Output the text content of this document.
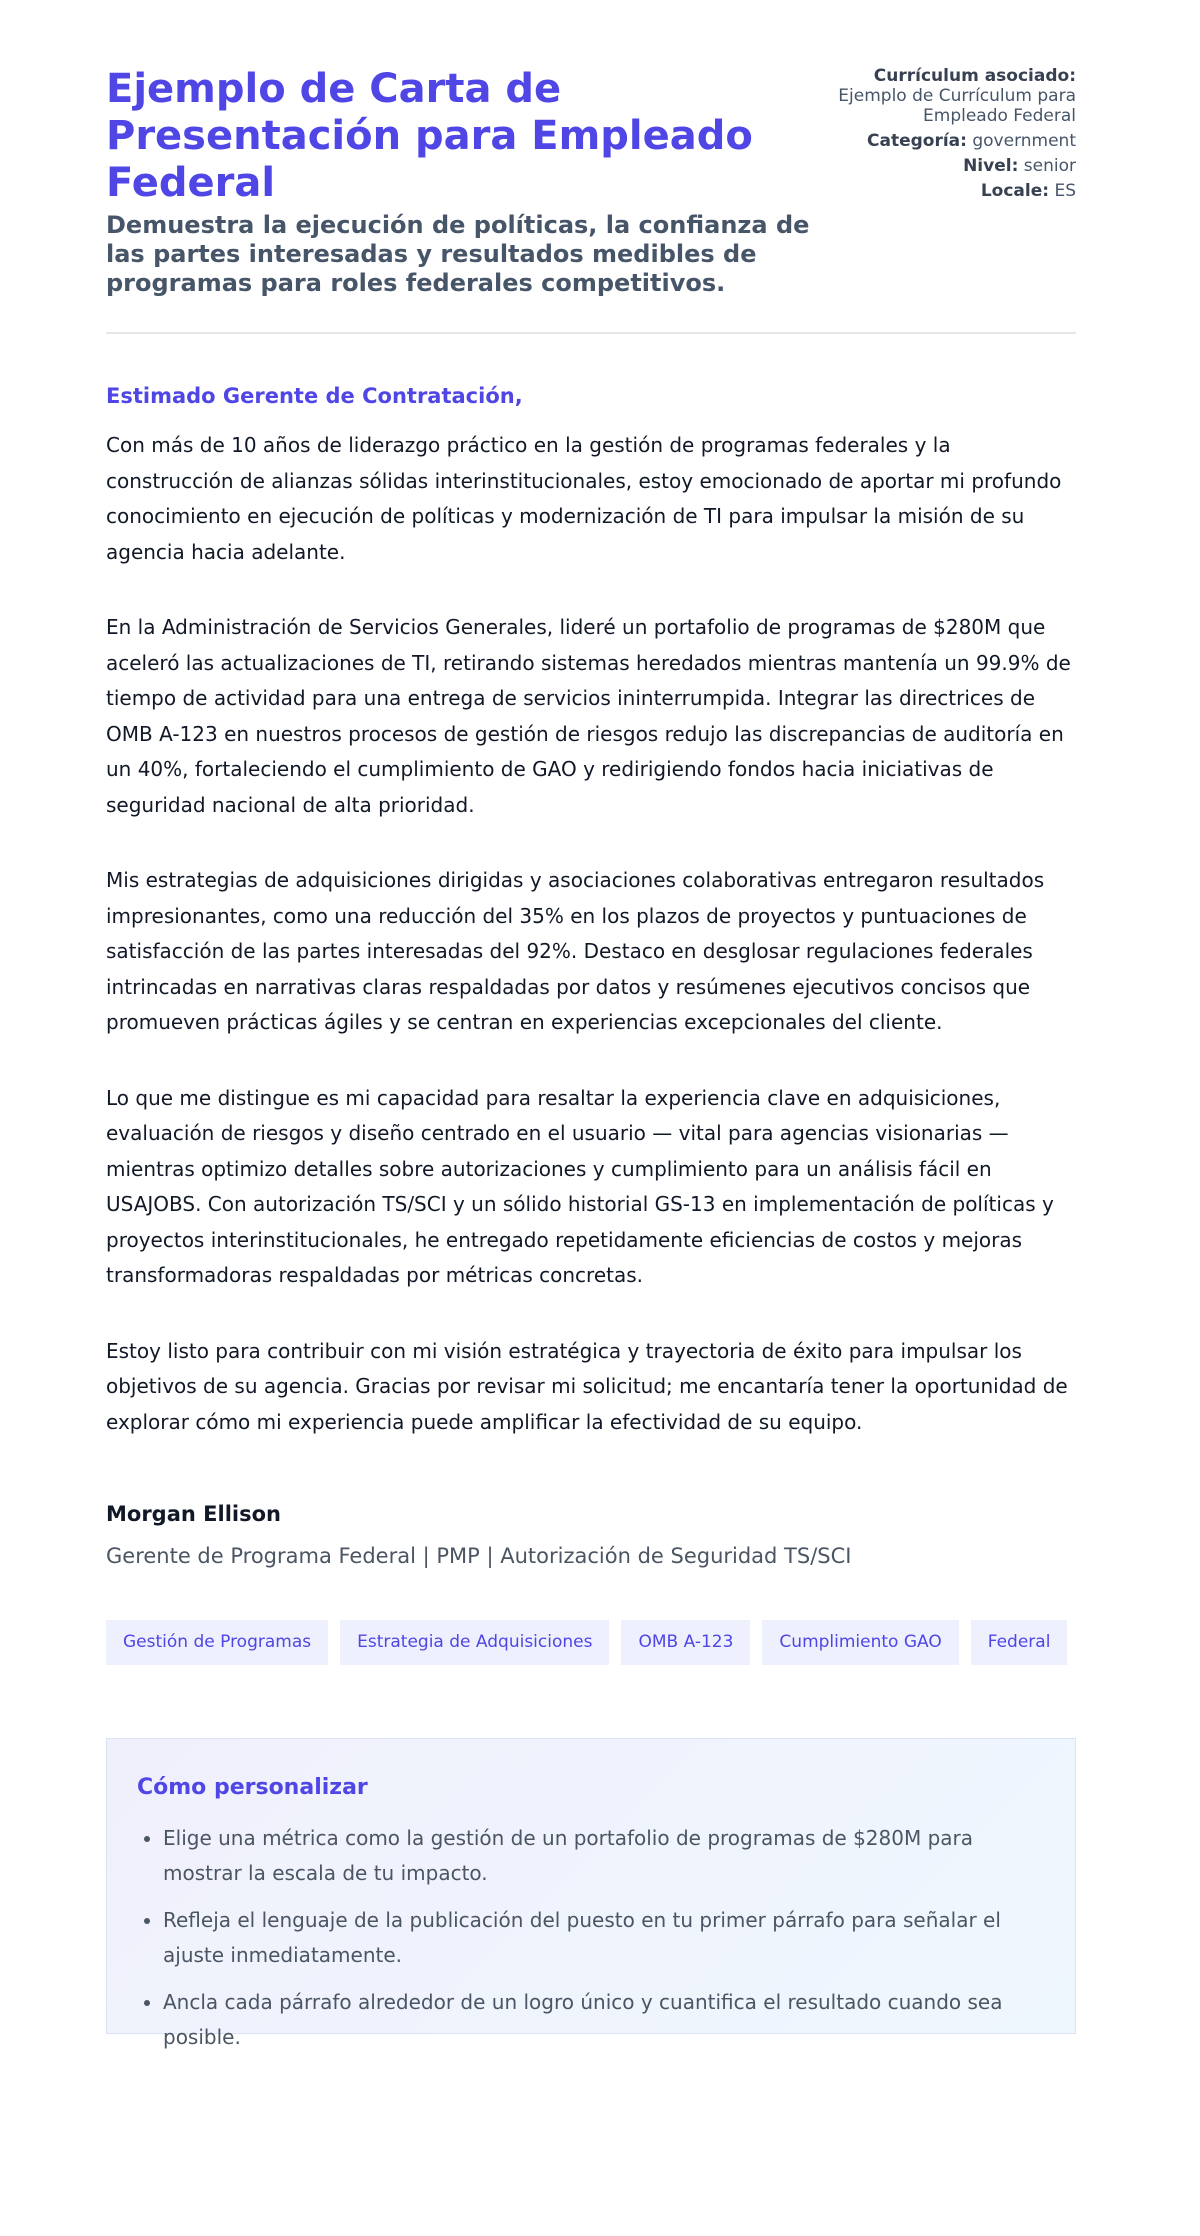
Ejemplo de Carta de Presentación para Empleado Federal

Demuestra la ejecución de políticas, la confianza de las partes interesadas y resultados medibles de programas para roles federales competitivos.

Currículum asociado:
Ejemplo de Currículum para Empleado Federal
Categoría: government
Nivel: senior
Locale: ES
Estimado Gerente de Contratación,

Con más de 10 años de liderazgo práctico en la gestión de programas federales y la construcción de alianzas sólidas interinstitucionales, estoy emocionado de aportar mi profundo conocimiento en ejecución de políticas y modernización de TI para impulsar la misión de su agencia hacia adelante.

En la Administración de Servicios Generales, lideré un portafolio de programas de $280M que aceleró las actualizaciones de TI, retirando sistemas heredados mientras mantenía un 99.9% de tiempo de actividad para una entrega de servicios ininterrumpida. Integrar las directrices de OMB A-123 en nuestros procesos de gestión de riesgos redujo las discrepancias de auditoría en un 40%, fortaleciendo el cumplimiento de GAO y redirigiendo fondos hacia iniciativas de seguridad nacional de alta prioridad.

Mis estrategias de adquisiciones dirigidas y asociaciones colaborativas entregaron resultados impresionantes, como una reducción del 35% en los plazos de proyectos y puntuaciones de satisfacción de las partes interesadas del 92%. Destaco en desglosar regulaciones federales intrincadas en narrativas claras respaldadas por datos y resúmenes ejecutivos concisos que promueven prácticas ágiles y se centran en experiencias excepcionales del cliente.

Lo que me distingue es mi capacidad para resaltar la experiencia clave en adquisiciones, evaluación de riesgos y diseño centrado en el usuario — vital para agencias visionarias — mientras optimizo detalles sobre autorizaciones y cumplimiento para un análisis fácil en USAJOBS. Con autorización TS/SCI y un sólido historial GS-13 en implementación de políticas y proyectos interinstitucionales, he entregado repetidamente eficiencias de costos y mejoras transformadoras respaldadas por métricas concretas.

Estoy listo para contribuir con mi visión estratégica y trayectoria de éxito para impulsar los objetivos de su agencia. Gracias por revisar mi solicitud; me encantaría tener la oportunidad de explorar cómo mi experiencia puede amplificar la efectividad de su equipo.

Morgan Ellison
Gerente de Programa Federal | PMP | Autorización de Seguridad TS/SCI
Gestión de Programas	Estrategia de Adquisiciones	OMB A-123	Cumplimiento GAO	Federal
Cómo personalizar
• Elige una métrica como la gestión de un portafolio de programas de $280M para mostrar la escala de tu impacto.
• Refleja el lenguaje de la publicación del puesto en tu primer párrafo para señalar el ajuste inmediatamente.
• Ancla cada párrafo alrededor de un logro único y cuantifica el resultado cuando sea posible.
